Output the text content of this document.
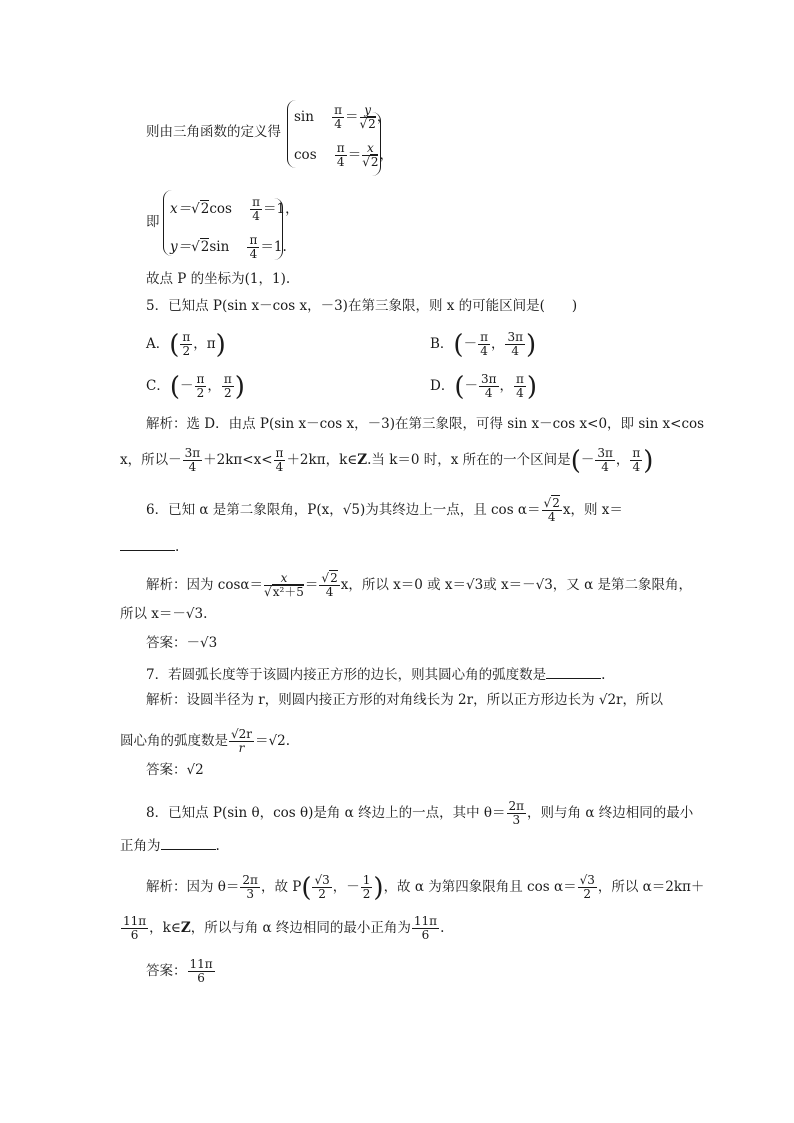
则由三角函数的定义得
$\sin \frac{\pi}{4} = \frac{y}{√2}$ ，
$\cos \frac{\pi}{4} = \frac{x}{√2}$ ，
即
$x=√2\cos \frac{\pi}{4} =1$，
$y=√2\sin \frac{\pi}{4} =1$.
故点 P 的坐标为(1，1).
5．已知点 P(sin x－cos x，－3)在第三象限，则 x 的可能区间是(　　)
A．( $\frac{\pi}{2}$ ，π)	B．(－ $\frac{\pi}{4}$ ， $\frac{3\pi}{4}$ )
C．(－ $\frac{\pi}{2}$ ， $\frac{\pi}{2}$ )	D．(－ $\frac{3\pi}{4}$ ， $\frac{\pi}{4}$ )
解析：选 D．由点 P(sin x－cos x，－3)在第三象限，可得 sin x－cos x<0，即 sin x<cos
x，所以－ $\frac{3\pi}{4} +2k\pi<x< \frac{\pi}{4} +2k\pi$，k∈Z.当 k＝0 时，x 所在的一个区间是(－ $\frac{3\pi}{4}$ ， $\frac{\pi}{4}$ )
6．已知 α 是第二象限角，P(x，√5)为其终边上一点，且 $\cos \alpha= \frac{√2}{4}$ x，则 x＝
.
解析：因为 $\cos\alpha= \frac{x}{\text{√x²＋5}} = \frac{√2}{4}$ x，所以 x＝0 或 x＝√3或 x＝－√3，又 α 是第二象限角，
所以 x＝－√3.
答案：－√3
7．若圆弧长度等于该圆内接正方形的边长，则其圆心角的弧度数是	.
解析：设圆半径为 r，则圆内接正方形的对角线长为 2r，所以正方形边长为 √2r，所以
圆心角的弧度数是 $\frac{√2r}{r} =√2$.
答案：√2
8．已知点 P(sin θ，cos θ)是角 α 终边上的一点，其中 $\theta= \frac{2\pi}{3}$ ，则与角 α 终边相同的最小
正角为	.
解析：因为 $\theta= \frac{2\pi}{3}$ ，故 $P( \frac{√3}{2}$ ，－ $\frac{1}{2}$ )，故 α 为第四象限角且 $\cos \alpha= \frac{√3}{2}$ ，所以 α＝2kπ＋
$\frac{11\pi}{6}$ ，k∈Z，所以与角 α 终边相同的最小正角为 $\frac{11\pi}{6}$ .
答案： $\frac{11\pi}{6}$
